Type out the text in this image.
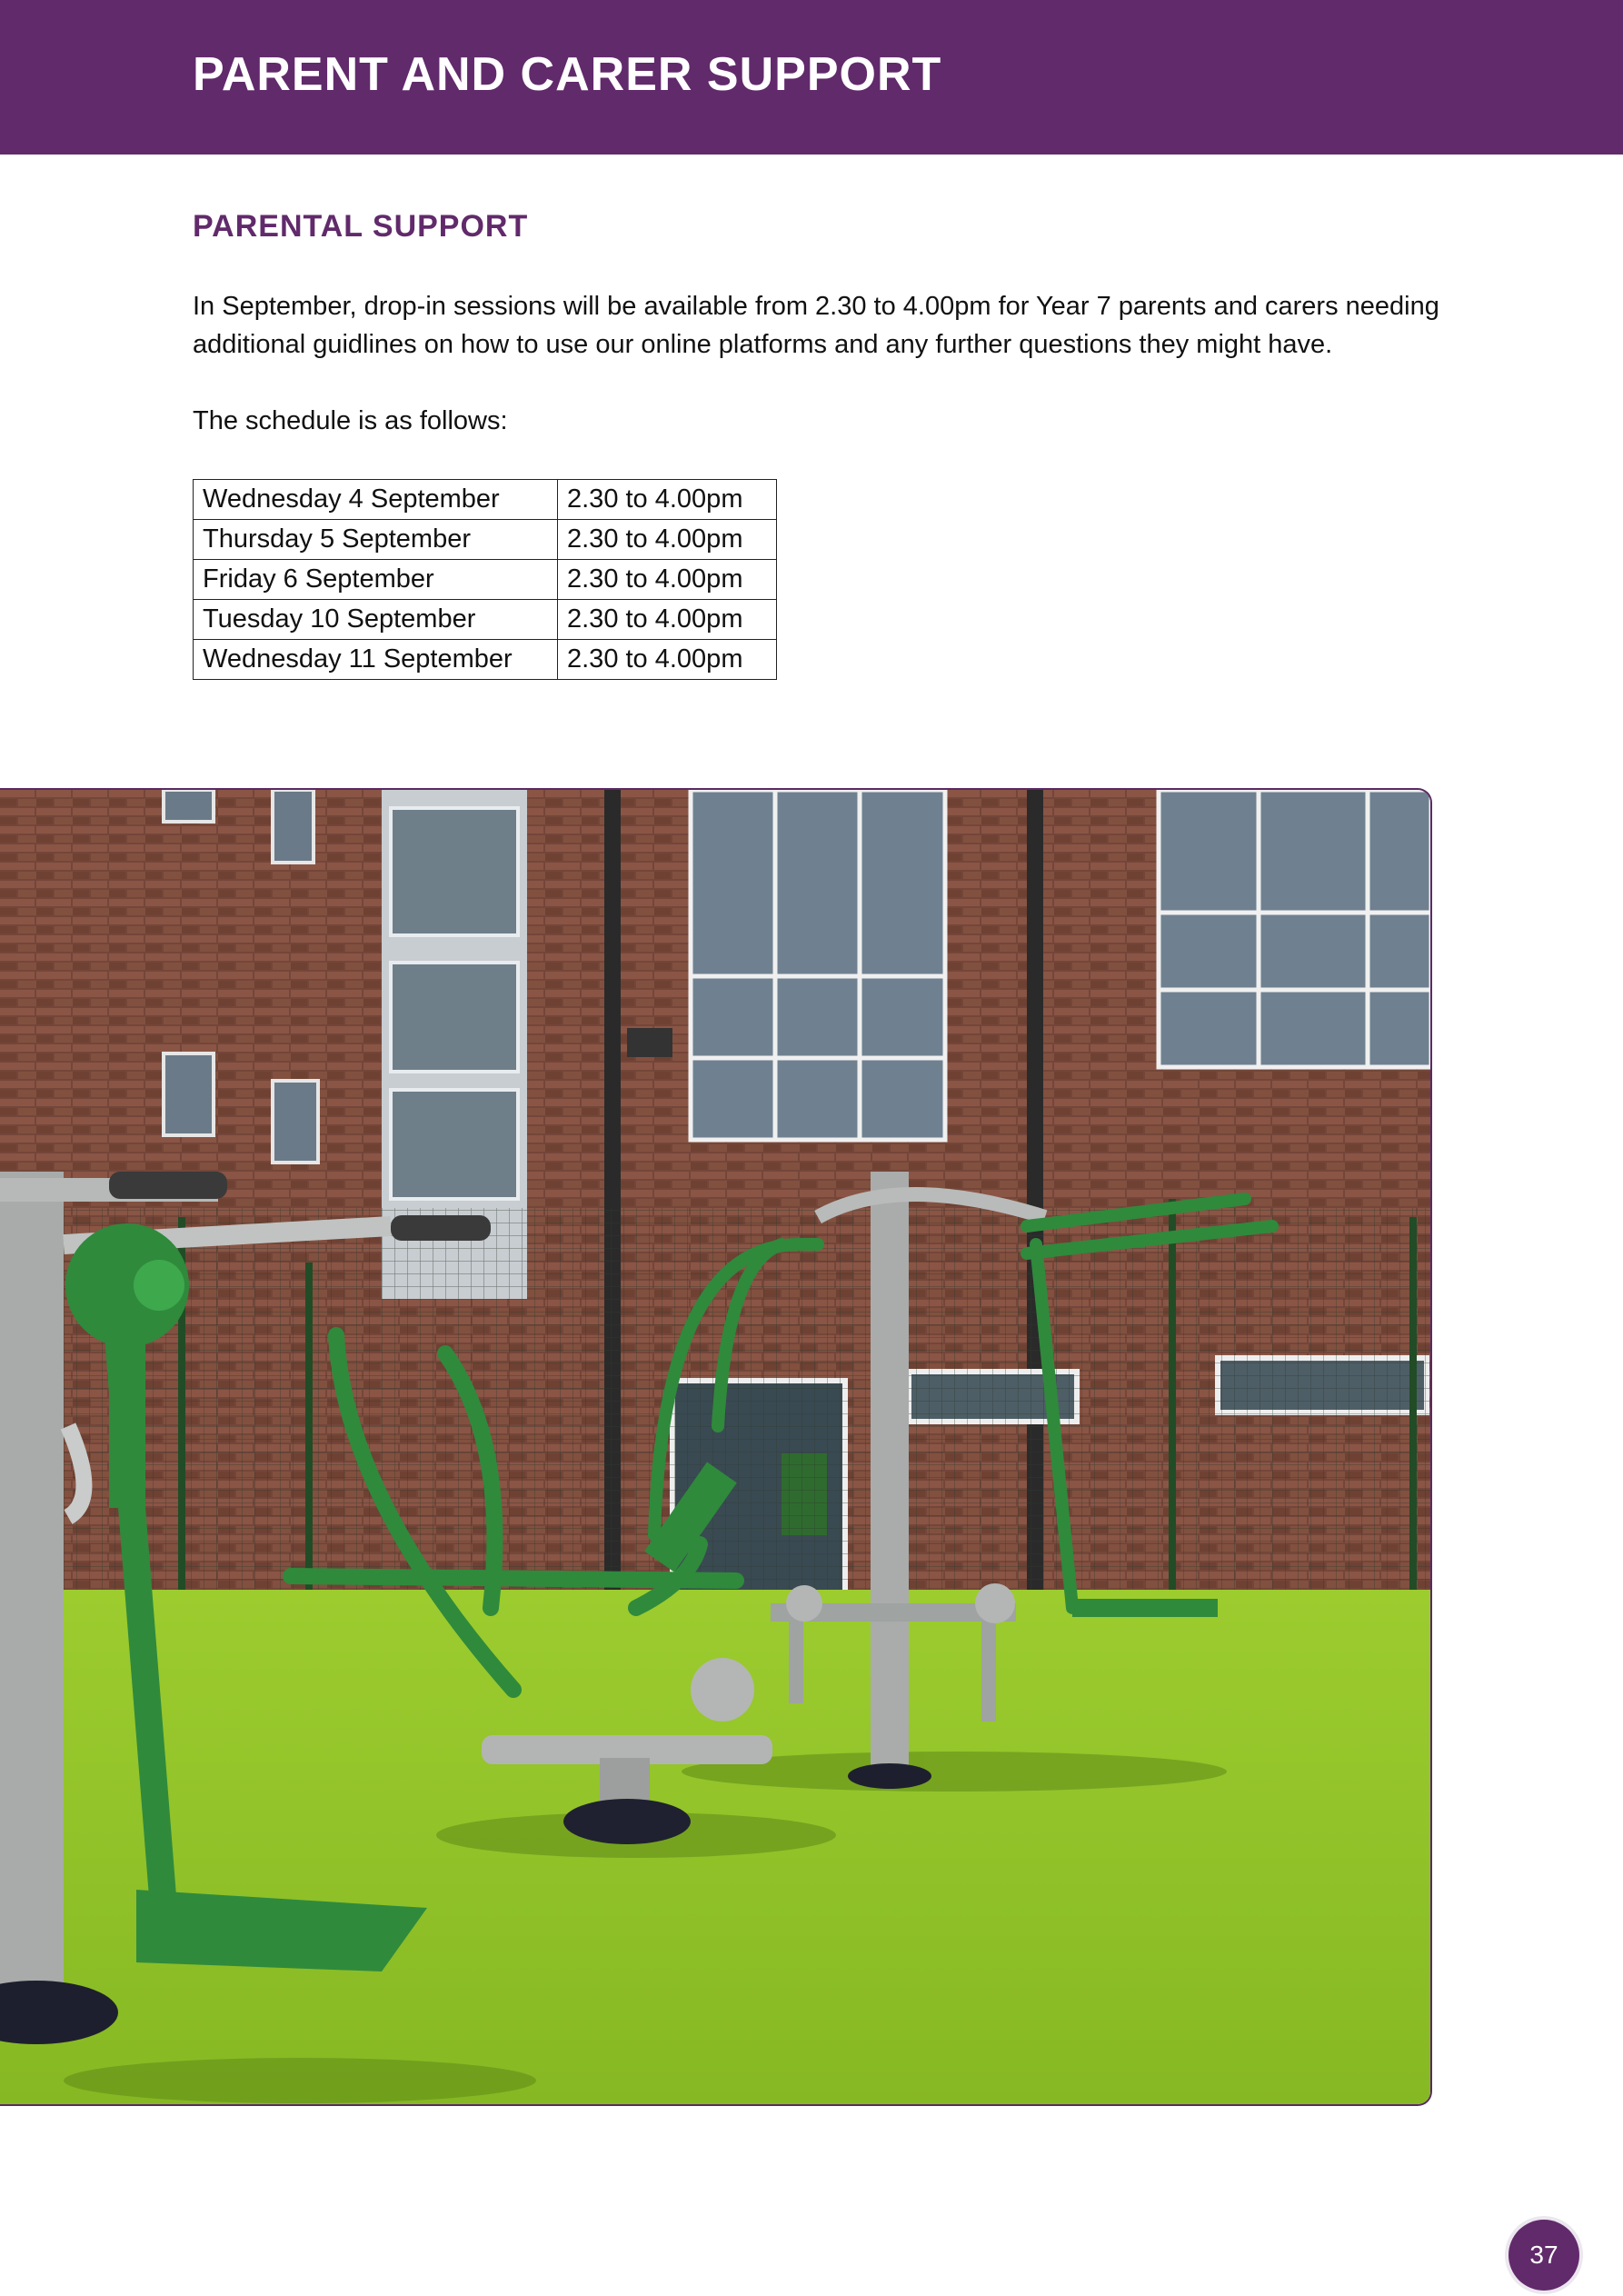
PARENT AND CARER SUPPORT
PARENTAL SUPPORT

In September, drop-in sessions will be available from 2.30 to 4.00pm for Year 7 parents and carers needing additional guidlines on how to use our online platforms and any further questions they might have.

The schedule is as follows:

Wednesday 4 September	2.30 to 4.00pm
Thursday 5 September	2.30 to 4.00pm
Friday 6 September	2.30 to 4.00pm
Tuesday 10 September	2.30 to 4.00pm
Wednesday 11 September	2.30 to 4.00pm
37
